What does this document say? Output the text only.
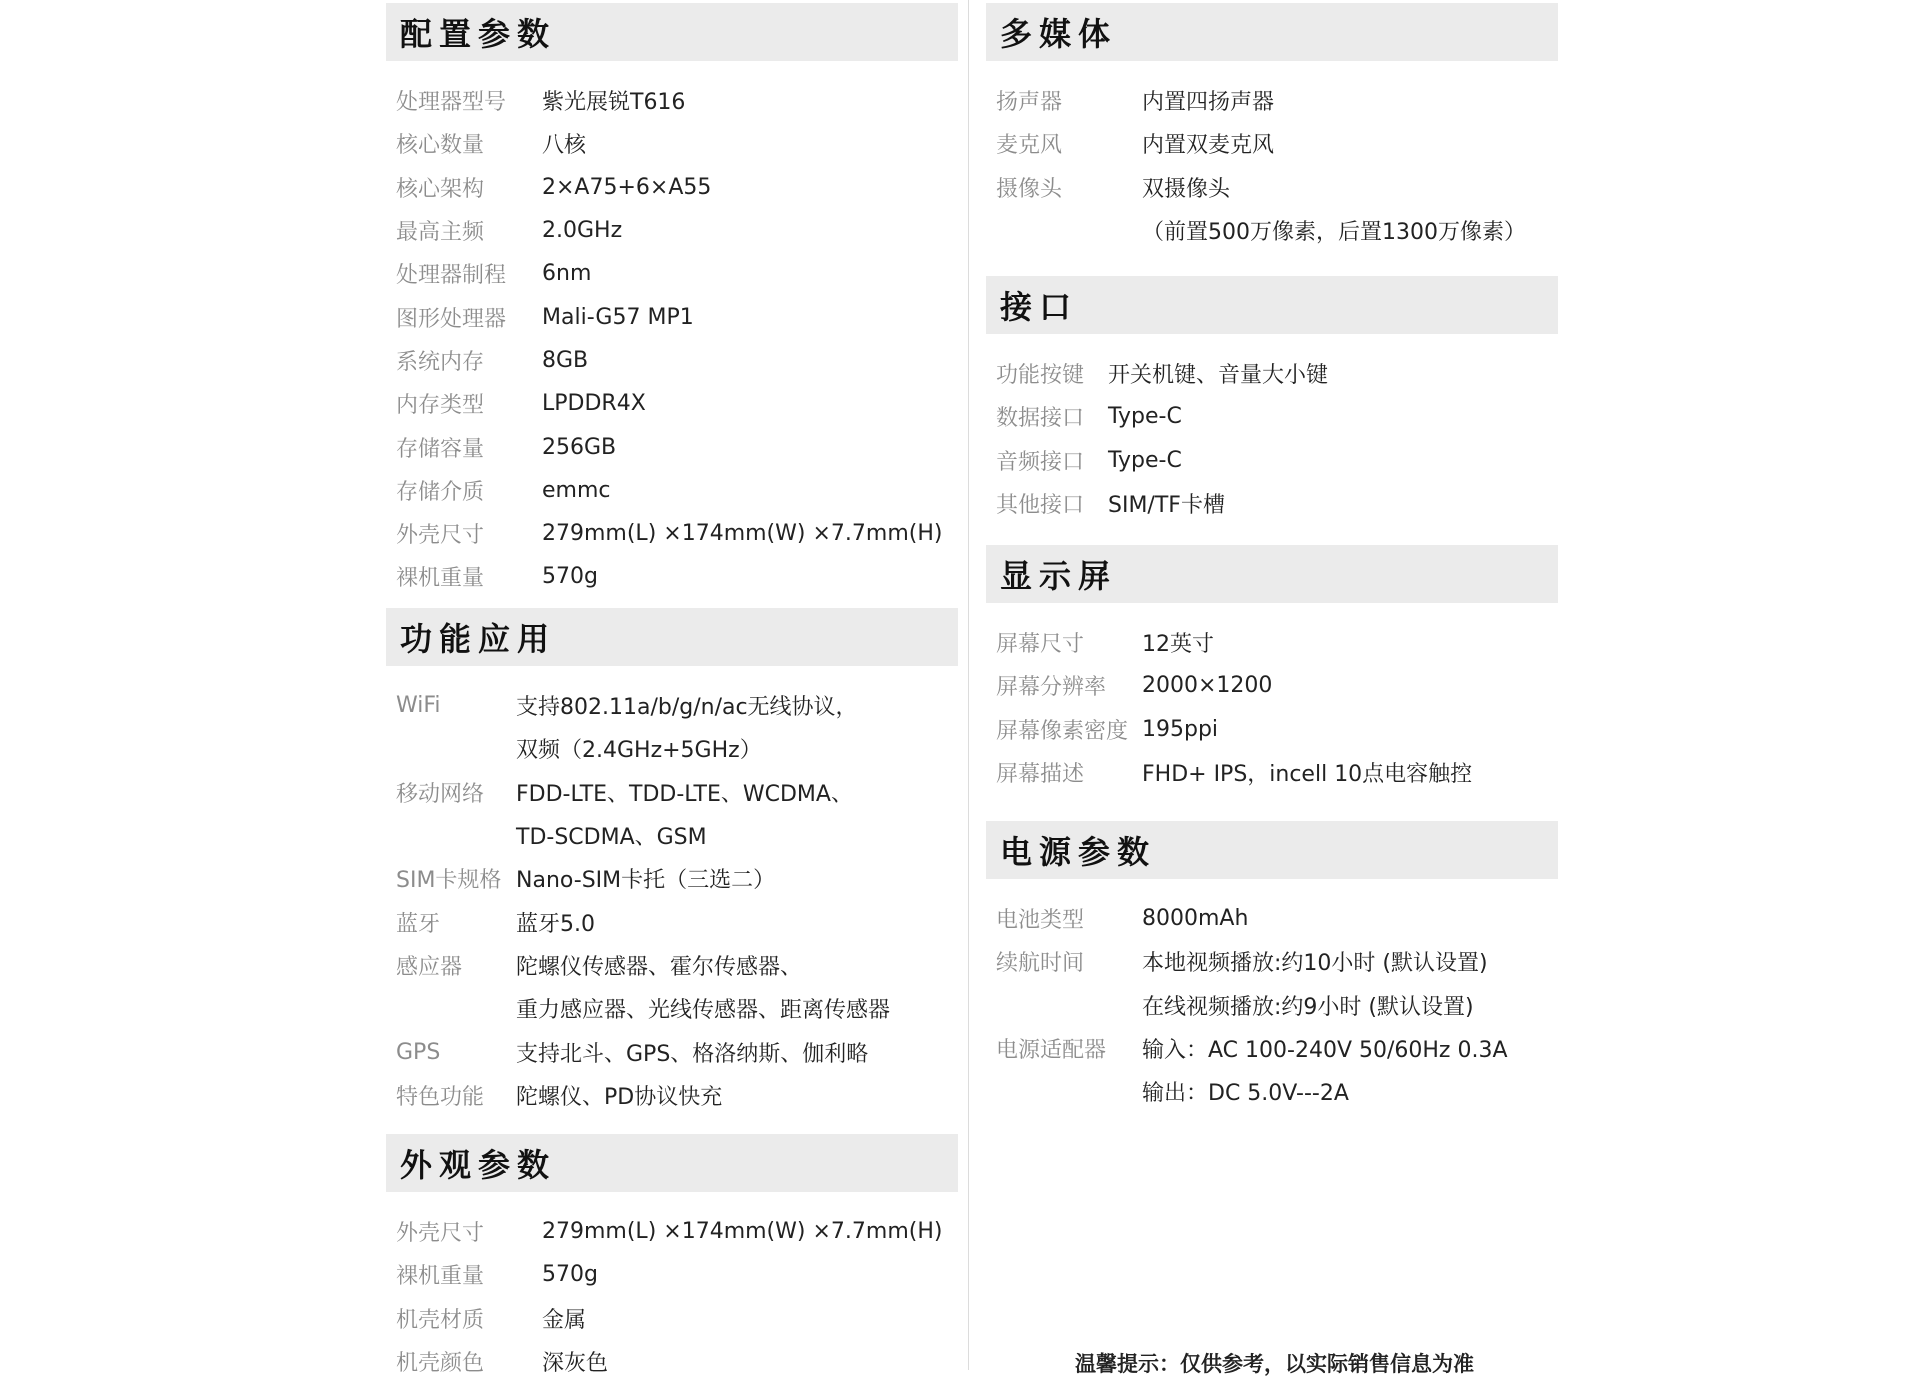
配置参数
处理器型号	紫光展锐T616
核心数量	八核
核心架构	2×A75+6×A55
最高主频	2.0GHz
处理器制程	6nm
图形处理器	Mali-G57 MP1
系统内存	8GB
内存类型	LPDDR4X
存储容量	256GB
存储介质	emmc
外壳尺寸	279mm(L) ×174mm(W) ×7.7mm(H)
裸机重量	570g
功能应用
WiFi	支持802.11a/b/g/n/ac无线协议，
双频（2.4GHz+5GHz）
移动网络	FDD-LTE、TDD-LTE、WCDMA、
TD-SCDMA、GSM
SIM卡规格 Nano-SIM卡托（三选二）
蓝牙	蓝牙5.0
感应器	陀螺仪传感器、霍尔传感器、
重力感应器、光线传感器、距离传感器
GPS	支持北斗、GPS、格洛纳斯、伽利略
特色功能	陀螺仪、PD协议快充
外观参数
外壳尺寸	279mm(L) ×174mm(W) ×7.7mm(H)
裸机重量	570g
机壳材质	金属
机壳颜色	深灰色
多媒体
扬声器	内置四扬声器
麦克风	内置双麦克风
摄像头	双摄像头
（前置500万像素，后置1300万像素）
接口
功能按键	开关机键、音量大小键
数据接口	Type-C
音频接口	Type-C
其他接口	SIM/TF卡槽
显示屏
屏幕尺寸	12英寸
屏幕分辨率	2000×1200
屏幕像素密度 195ppi
屏幕描述	FHD+ IPS，incell 10点电容触控
电源参数
电池类型	8000mAh
续航时间	本地视频播放:约10小时 (默认设置)
在线视频播放:约9小时 (默认设置)
电源适配器	输入：AC 100-240V 50/60Hz 0.3A
输出：DC 5.0V---2A
温馨提示：仅供参考，以实际销售信息为准
